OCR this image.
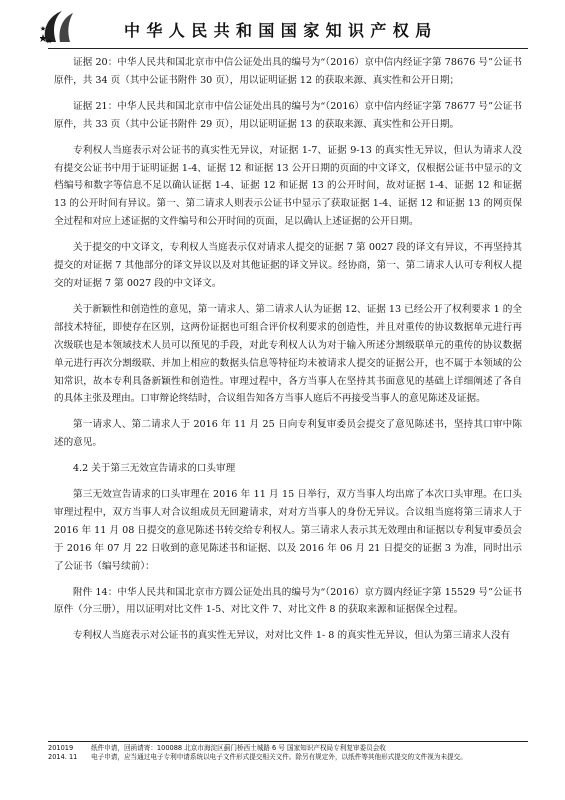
中华人民共和国国家知识产权局

证据 20：中华人民共和国北京市中信公证处出具的编号为“（2016）京中信内经证字第 78676 号”公证书原件，共 34 页（其中公证书附件 30 页），用以证明证据 12 的获取来源、真实性和公开日期；

证据 21：中华人民共和国北京市中信公证处出具的编号为“（2016）京中信内经证字第 78677 号”公证书原件，共 33 页（其中公证书附件 29 页），用以证明证据 13 的获取来源、真实性和公开日期。

专利权人当庭表示对公证书的真实性无异议，对证据 1-7、证据 9-13 的真实性无异议，但认为请求人没有提交公证书中用于证明证据 1-4、证据 12 和证据 13 公开日期的页面的中文译文，仅根据公证书中显示的文档编号和数字等信息不足以确认证据 1-4、证据 12 和证据 13 的公开时间，故对证据 1-4、证据 12 和证据 13 的公开时间有异议。第一、第二请求人则表示公证书中显示了获取证据 1-4、证据 12 和证据 13 的网页保全过程和对应上述证据的文件编号和公开时间的页面，足以确认上述证据的公开日期。

关于提交的中文译文，专利权人当庭表示仅对请求人提交的证据 7 第 0027 段的译文有异议，不再坚持其提交的对证据 7 其他部分的译文异议以及对其他证据的译文异议。经协商，第一、第二请求人认可专利权人提交的对证据 7 第 0027 段的中文译文。

关于新颖性和创造性的意见，第一请求人、第二请求人认为证据 12、证据 13 已经公开了权利要求 1 的全部技术特征，即使存在区别，这两份证据也可组合评价权利要求的创造性，并且对重传的协议数据单元进行再次级联也是本领域技术人员可以预见的手段，对此专利权人认为对于输入所述分割级联单元的重传的协议数据单元进行再次分割级联、并加上相应的数据头信息等特征均未被请求人提交的证据公开，也不属于本领域的公知常识，故本专利具备新颖性和创造性。审理过程中，各方当事人在坚持其书面意见的基础上详细阐述了各自的具体主张及理由。口审辩论终结时，合议组告知各方当事人庭后不再接受当事人的意见陈述及证据。

第一请求人、第二请求人于 2016 年 11 月 25 日向专利复审委员会提交了意见陈述书，坚持其口审中陈述的意见。

4.2 关于第三无效宣告请求的口头审理

第三无效宣告请求的口头审理在 2016 年 11 月 15 日举行，双方当事人均出席了本次口头审理。在口头审理过程中，双方当事人对合议组成员无回避请求，对对方当事人的身份无异议。合议组当庭将第三请求人于 2016 年 11 月 08 日提交的意见陈述书转交给专利权人。第三请求人表示其无效理由和证据以专利复审委员会于 2016 年 07 月 22 日收到的意见陈述书和证据、以及 2016 年 06 月 21 日提交的证据 3 为准，同时出示了公证书（编号续前）：

附件 14：中华人民共和国北京市方圆公证处出具的编号为“（2016）京方圆内经证字第 15529 号”公证书原件（分三册），用以证明对比文件 1-5、对比文件 7、对比文件 8 的获取来源和证据保全过程。

专利权人当庭表示对公证书的真实性无异议，对对比文件 1- 8 的真实性无异议，但认为第三请求人没有

201019	纸件申请，回函请寄：100088 北京市海淀区蓟门桥西土城路 6 号 国家知识产权局专利复审委员会收
2014. 11	电子申请，应当通过电子专利申请系统以电子文件形式提交相关文件。除另有规定外，以纸件等其他形式提交的文件视为未提交。
